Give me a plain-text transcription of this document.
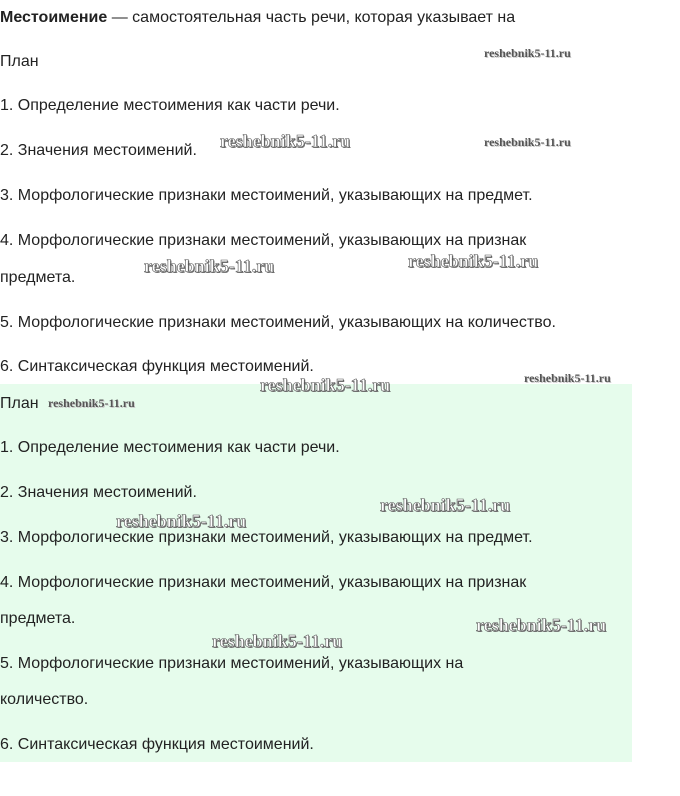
Местоимение — самостоятельная часть речи, которая указывает на
План
1. Определение местоимения как части речи.
2. Значения местоимений.
3. Морфологические признаки местоимений, указывающих на предмет.
4. Морфологические признаки местоимений, указывающих на признак
предмета.
5. Морфологические признаки местоимений, указывающих на количество.
6. Синтаксическая функция местоимений.
План
1. Определение местоимения как части речи.
2. Значения местоимений.
3. Морфологические признаки местоимений, указывающих на предмет.
4. Морфологические признаки местоимений, указывающих на признак
предмета.
5. Морфологические признаки местоимений, указывающих на
количество.
6. Синтаксическая функция местоимений.
reshebnik5-11.ru
reshebnik5-11.ru	reshebnik5-11.ru
reshebnik5-11.ru
reshebnik5-11.ru
reshebnik5-11.ru
reshebnik5-11.ru
reshebnik5-11.ru
reshebnik5-11.ru
reshebnik5-11.ru
reshebnik5-11.ru
reshebnik5-11.ru
